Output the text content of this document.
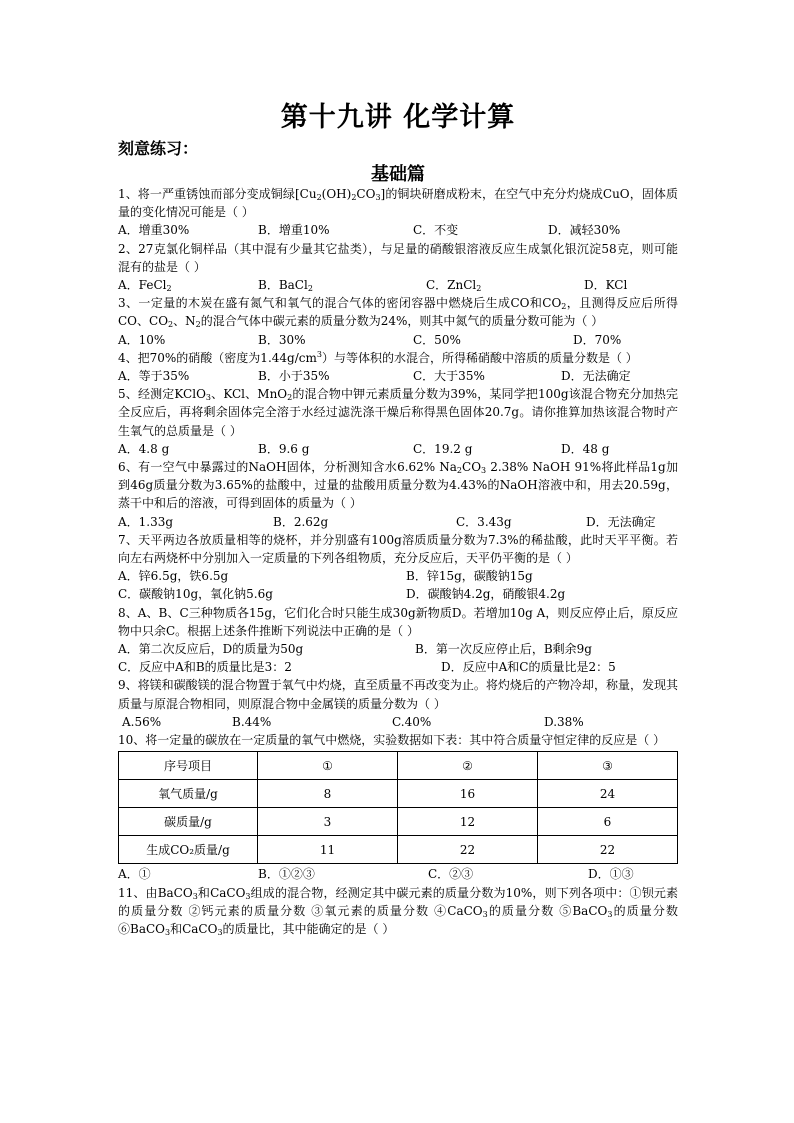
第十九讲 化学计算
刻意练习：
基础篇

1、将一严重锈蚀而部分变成铜绿$[Cu_2(OH)_2CO_3]$的铜块研磨成粉末，在空气中充分灼烧成CuO，固体质量的变化情况可能是（ ）

A．增重30%	B．增重10%	C．不变	D．减轻30%

2、27克氯化铜样品（其中混有少量其它盐类），与足量的硝酸银溶液反应生成氯化银沉淀58克，则可能混有的盐是（ ）

A．FeCl$_2$	B．BaCl$_2$	C．ZnCl$_2$	D．KCl

3、一定量的木炭在盛有氮气和氧气的混合气体的密闭容器中燃烧后生成CO和$CO_2$，且测得反应后所得CO、$CO_2$、$N_2$的混合气体中碳元素的质量分数为24%，则其中氮气的质量分数可能为（ ）

A．10%	B．30%	C．50%	D．70%

4、把70%的硝酸（密度为$1.44g/cm^3$）与等体积的水混合，所得稀硝酸中溶质的质量分数是（ ）

A．等于35%	B．小于35%	C．大于35%	D．无法确定

5、经测定KClO$_3$、KCl、MnO$_2$的混合物中钾元素质量分数为39%，某同学把100g该混合物充分加热完全反应后，再将剩余固体完全溶于水经过滤洗涤干燥后称得黑色固体20.7g。请你推算加热该混合物时产生氧气的总质量是（ ）

A．4.8 g	B．9.6 g	C．19.2 g	D．48 g

6、有一空气中暴露过的NaOH固体，分析测知含水6.62% $Na_2CO_3$ 2.38% NaOH 91%将此样品1g加到46g质量分数为3.65%的盐酸中，过量的盐酸用质量分数为4.43%的NaOH溶液中和，用去20.59g，蒸干中和后的溶液，可得到固体的质量为（ ）

A．1.33g	B．2.62g	C．3.43g	D．无法确定

7、天平两边各放质量相等的烧杯，并分别盛有100g溶质质量分数为7.3%的稀盐酸，此时天平平衡。若向左右两烧杯中分别加入一定质量的下列各组物质，充分反应后，天平仍平衡的是（ ）

A．锌6.5g，铁6.5g	B．锌15g，碳酸钠15g
C．碳酸钠10g，氧化钠5.6g	D．碳酸钠4.2g，硝酸银4.2g

8、A、B、C三种物质各15g，它们化合时只能生成30g新物质D。若增加10g A，则反应停止后，原反应物中只余C。根据上述条件推断下列说法中正确的是（ ）

A．第二次反应后，D的质量为50g	B．第一次反应停止后，B剩余9g
C．反应中A和B的质量比是3：2	D．反应中A和C的质量比是2：5

9、将镁和碳酸镁的混合物置于氧气中灼烧，直至质量不再改变为止。将灼烧后的产物冷却，称量，发现其质量与原混合物相同，则原混合物中金属镁的质量分数为（ ）

A.56%	B.44%	C.40%	D.38%

10、将一定量的碳放在一定质量的氧气中燃烧，实验数据如下表：其中符合质量守恒定律的反应是（ ）

序号项目	①	②	③
氧气质量/g	8	16	24
碳质量/g	3	12	6
生成CO₂质量/g	11	22	22
A．①	B．①②③	C．②③	D．①③

11、由BaCO$_3$和CaCO$_3$组成的混合物，经测定其中碳元素的质量分数为10%，则下列各项中：①钡元素的质量分数 ②钙元素的质量分数 ③氧元素的质量分数 ④CaCO$_3$的质量分数 ⑤BaCO$_3$的质量分数 ⑥BaCO$_3$和CaCO$_3$的质量比，其中能确定的是（ ）
